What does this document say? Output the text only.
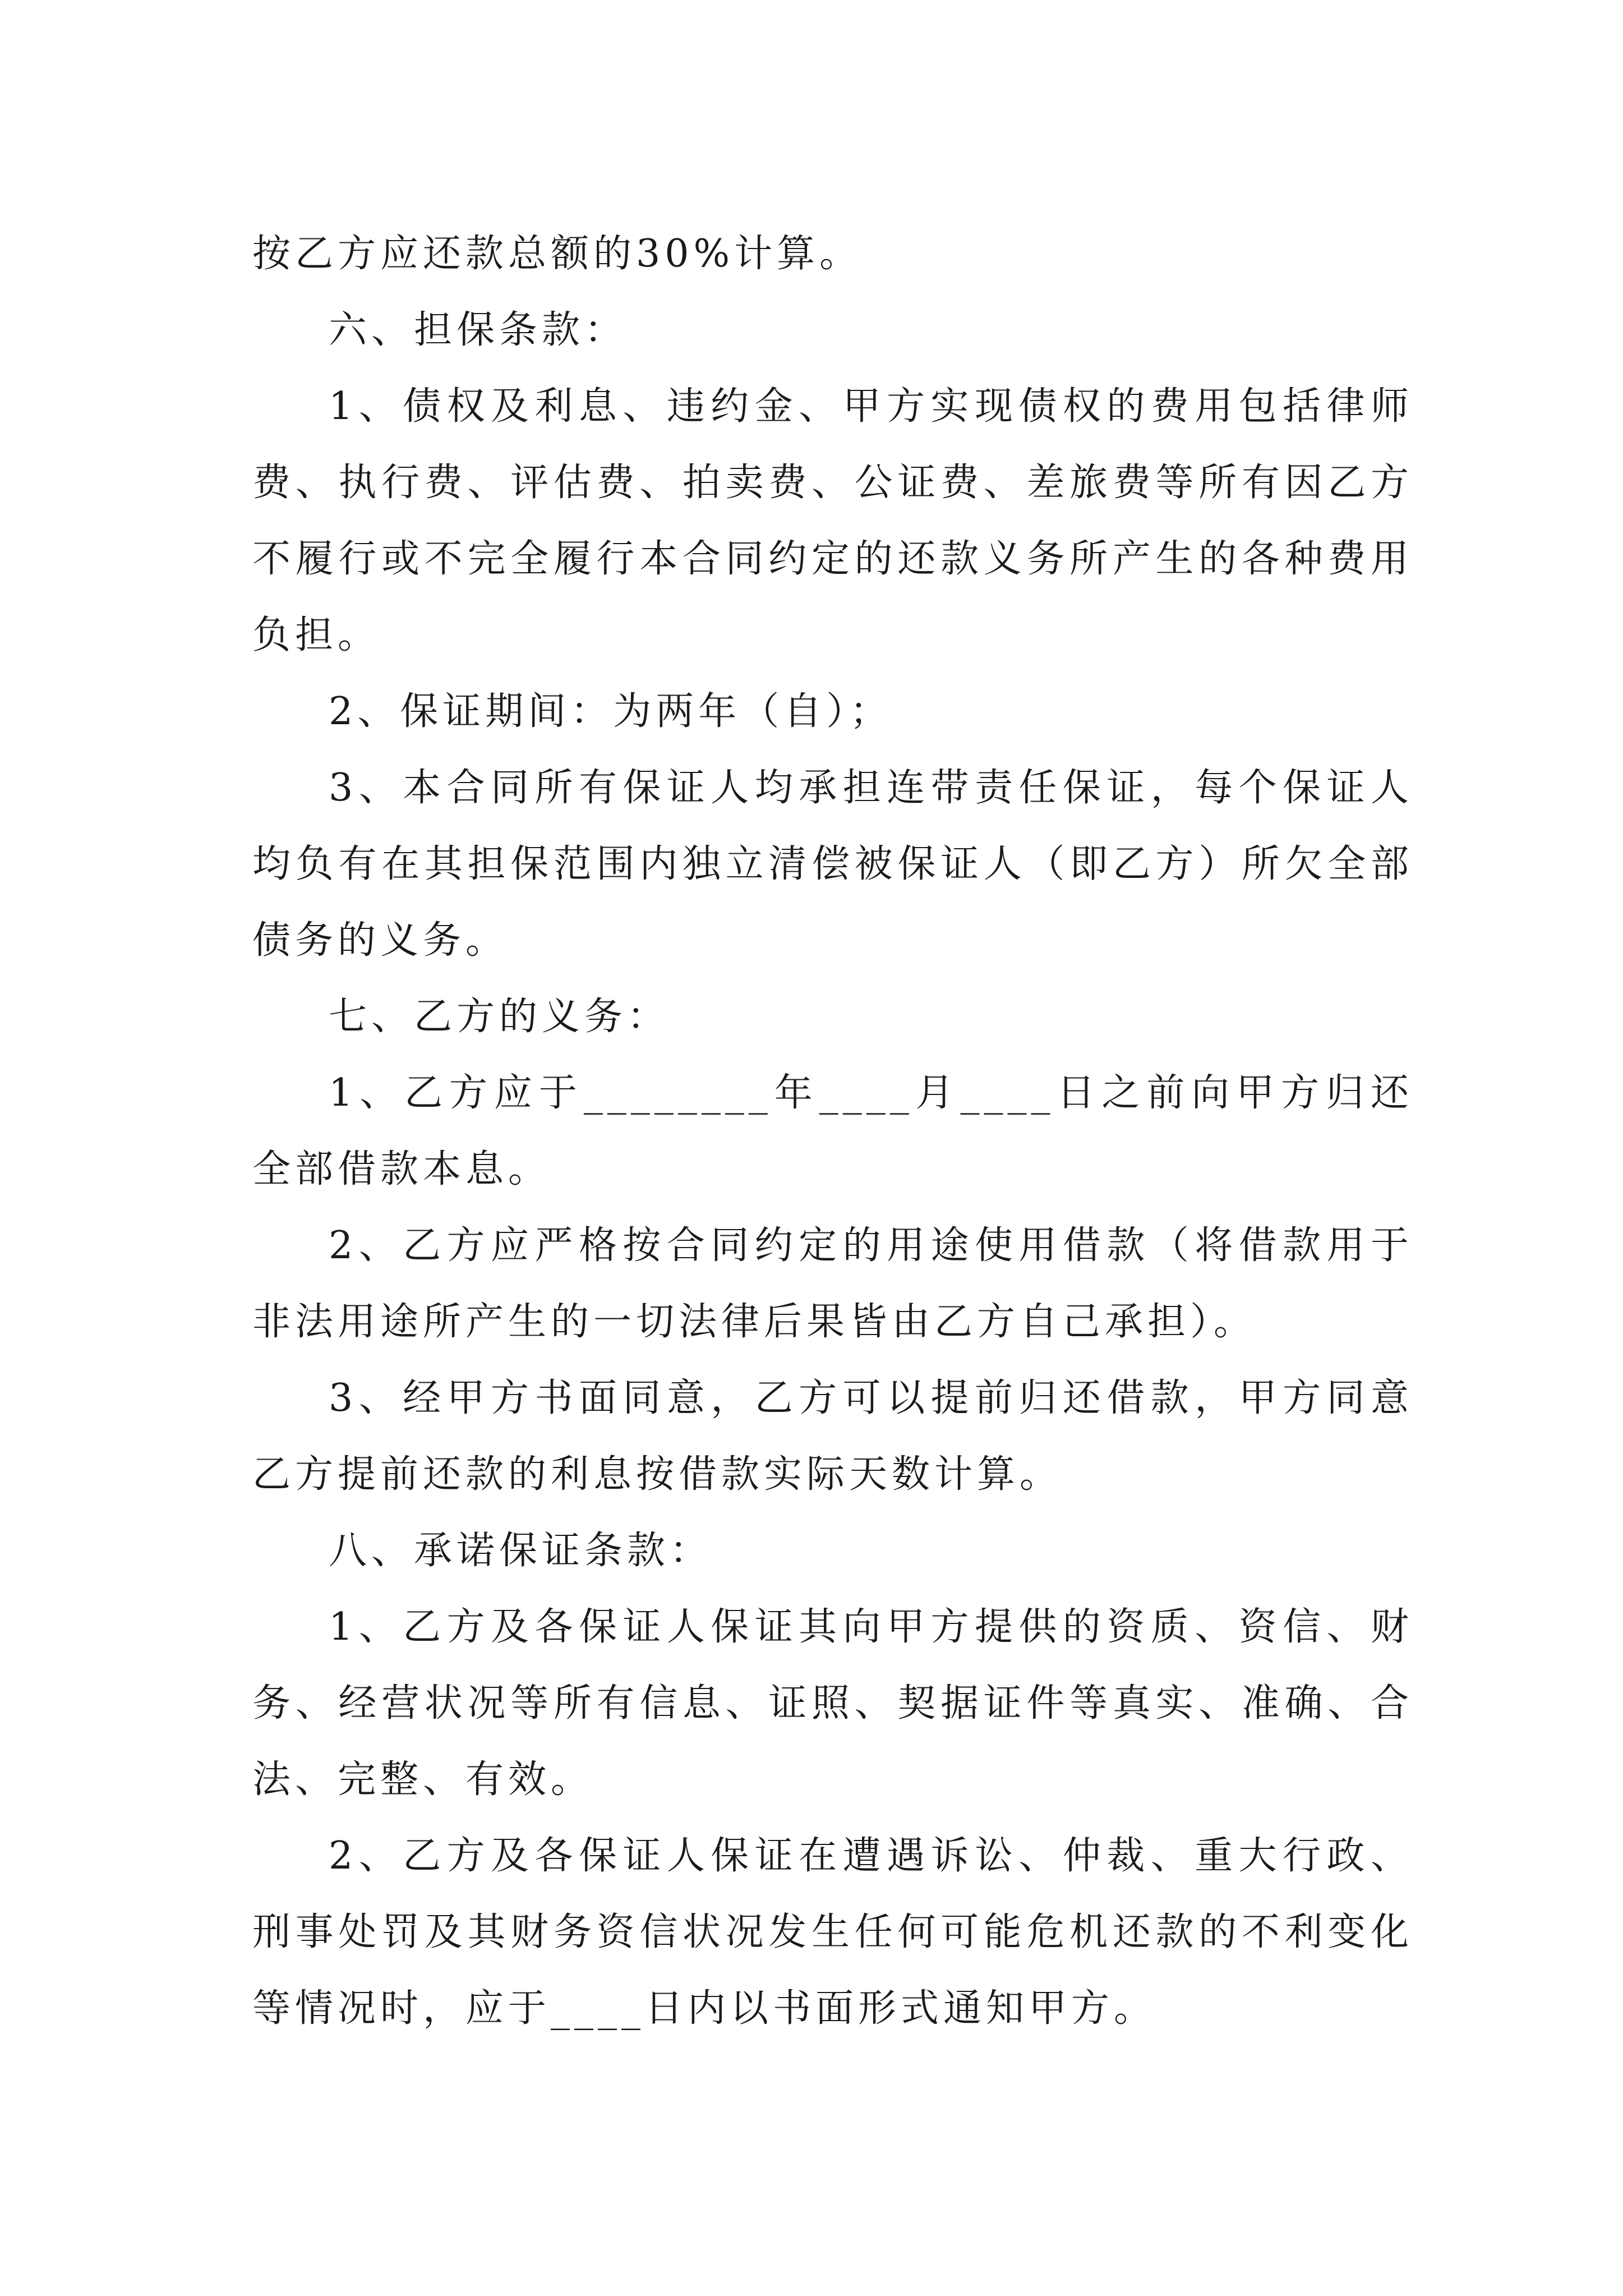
按乙方应还款总额的30%计算。

六、担保条款：

1、债权及利息、违约金、甲方实现债权的费用包括律师费、执行费、评估费、拍卖费、公证费、差旅费等所有因乙方不履行或不完全履行本合同约定的还款义务所产生的各种费用负担。

2、保证期间：为两年（自）；

3、本合同所有保证人均承担连带责任保证，每个保证人均负有在其担保范围内独立清偿被保证人（即乙方）所欠全部债务的义务。

七、乙方的义务：

1、乙方应于________年____月____日之前向甲方归还全部借款本息。

2、乙方应严格按合同约定的用途使用借款（将借款用于非法用途所产生的一切法律后果皆由乙方自己承担）。

3、经甲方书面同意，乙方可以提前归还借款，甲方同意乙方提前还款的利息按借款实际天数计算。

八、承诺保证条款：

1、乙方及各保证人保证其向甲方提供的资质、资信、财务、经营状况等所有信息、证照、契据证件等真实、准确、合法、完整、有效。

2、乙方及各保证人保证在遭遇诉讼、仲裁、重大行政、刑事处罚及其财务资信状况发生任何可能危机还款的不利变化等情况时，应于____日内以书面形式通知甲方。
